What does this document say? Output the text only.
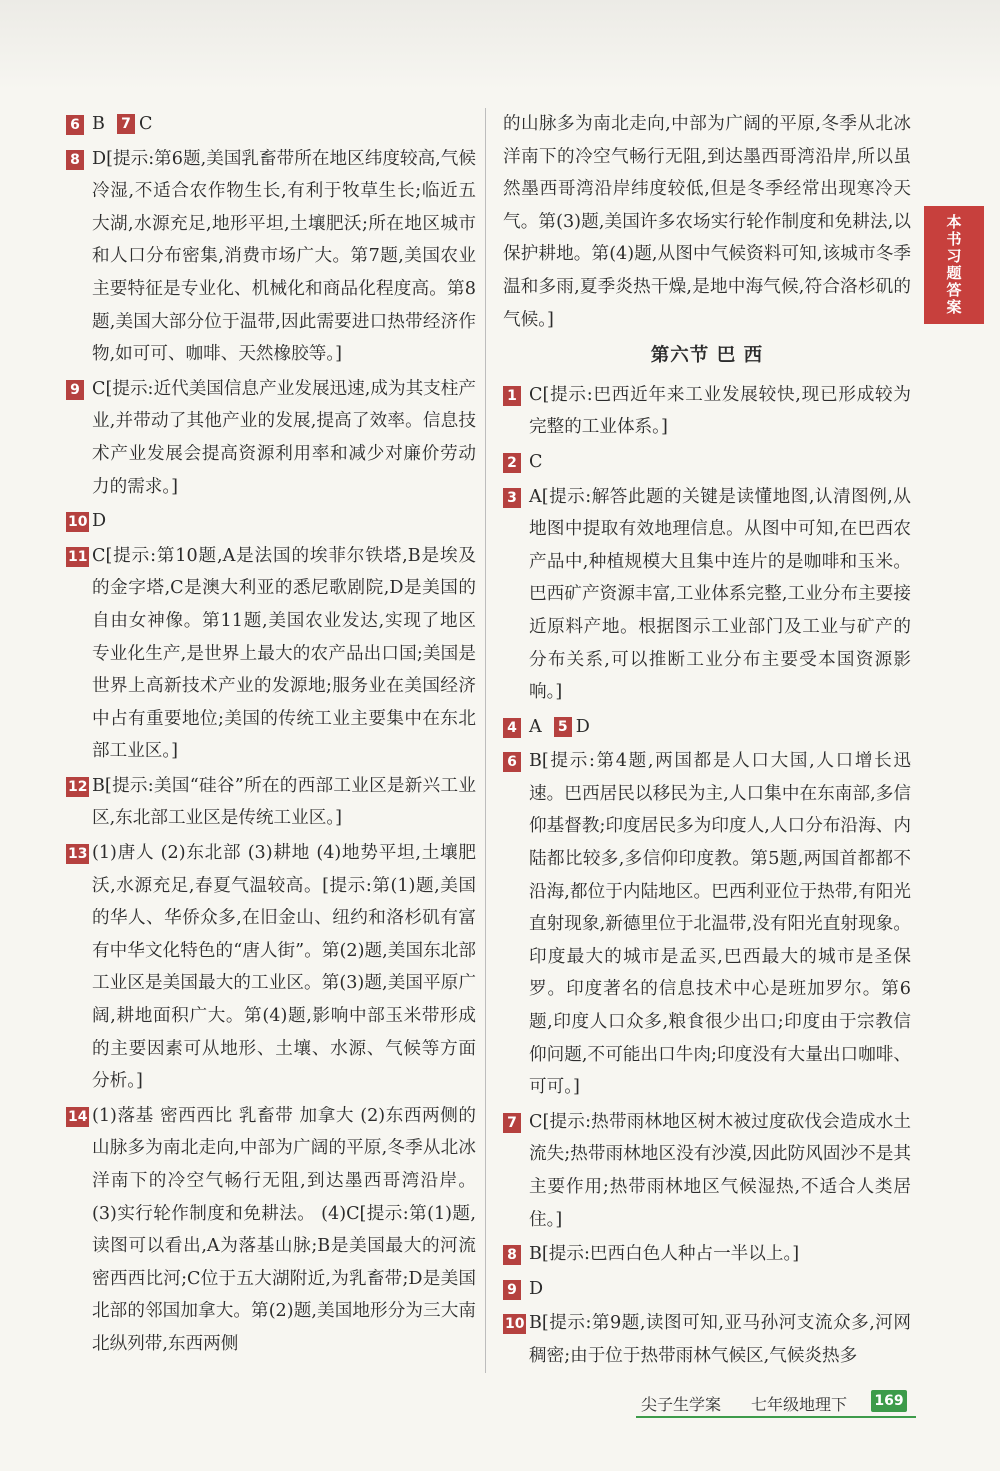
6 B 7 C
8 D[提示:第6题,美国乳畜带所在地区纬度较高,气候冷湿,不适合农作物生长,有利于牧草生长;临近五大湖,水源充足,地形平坦,土壤肥沃;所在地区城市和人口分布密集,消费市场广大。第7题,美国农业主要特征是专业化、机械化和商品化程度高。第8题,美国大部分位于温带,因此需要进口热带经济作物,如可可、咖啡、天然橡胶等。]
9 C[提示:近代美国信息产业发展迅速,成为其支柱产业,并带动了其他产业的发展,提高了效率。信息技术产业发展会提高资源利用率和减少对廉价劳动力的需求。]
10 D
11 C[提示:第10题,A是法国的埃菲尔铁塔,B是埃及的金字塔,C是澳大利亚的悉尼歌剧院,D是美国的自由女神像。第11题,美国农业发达,实现了地区专业化生产,是世界上最大的农产品出口国;美国是世界上高新技术产业的发源地;服务业在美国经济中占有重要地位;美国的传统工业主要集中在东北部工业区。]
12 B[提示:美国“硅谷”所在的西部工业区是新兴工业区,东北部工业区是传统工业区。]
13 (1)唐人 (2)东北部 (3)耕地 (4)地势平坦,土壤肥沃,水源充足,春夏气温较高。[提示:第(1)题,美国的华人、华侨众多,在旧金山、纽约和洛杉矶有富有中华文化特色的“唐人街”。第(2)题,美国东北部工业区是美国最大的工业区。第(3)题,美国平原广阔,耕地面积广大。第(4)题,影响中部玉米带形成的主要因素可从地形、土壤、水源、气候等方面分析。]
14 (1)落基 密西西比 乳畜带 加拿大 (2)东西两侧的山脉多为南北走向,中部为广阔的平原,冬季从北冰洋南下的冷空气畅行无阻,到达墨西哥湾沿岸。 (3)实行轮作制度和免耕法。 (4)C[提示:第(1)题,读图可以看出,A为落基山脉;B是美国最大的河流密西西比河;C位于五大湖附近,为乳畜带;D是美国北部的邻国加拿大。第(2)题,美国地形分为三大南北纵列带,东西两侧
的山脉多为南北走向,中部为广阔的平原,冬季从北冰洋南下的冷空气畅行无阻,到达墨西哥湾沿岸,所以虽然墨西哥湾沿岸纬度较低,但是冬季经常出现寒冷天气。第(3)题,美国许多农场实行轮作制度和免耕法,以保护耕地。第(4)题,从图中气候资料可知,该城市冬季温和多雨,夏季炎热干燥,是地中海气候,符合洛杉矶的气候。]
第六节 巴 西
1 C[提示:巴西近年来工业发展较快,现已形成较为完整的工业体系。]
2 C
3 A[提示:解答此题的关键是读懂地图,认清图例,从地图中提取有效地理信息。从图中可知,在巴西农产品中,种植规模大且集中连片的是咖啡和玉米。巴西矿产资源丰富,工业体系完整,工业分布主要接近原料产地。根据图示工业部门及工业与矿产的分布关系,可以推断工业分布主要受本国资源影响。]
4 A 5 D
6 B[提示:第4题,两国都是人口大国,人口增长迅速。巴西居民以移民为主,人口集中在东南部,多信仰基督教;印度居民多为印度人,人口分布沿海、内陆都比较多,多信仰印度教。第5题,两国首都都不沿海,都位于内陆地区。巴西利亚位于热带,有阳光直射现象,新德里位于北温带,没有阳光直射现象。印度最大的城市是孟买,巴西最大的城市是圣保罗。印度著名的信息技术中心是班加罗尔。第6题,印度人口众多,粮食很少出口;印度由于宗教信仰问题,不可能出口牛肉;印度没有大量出口咖啡、可可。]
7 C[提示:热带雨林地区树木被过度砍伐会造成水土流失;热带雨林地区没有沙漠,因此防风固沙不是其主要作用;热带雨林地区气候湿热,不适合人类居住。]
8 B[提示:巴西白色人种占一半以上。]
9 D
10 B[提示:第9题,读图可知,亚马孙河支流众多,河网稠密;由于位于热带雨林气候区,气候炎热多
本书习题答案
尖子生学案 七年级地理下 169
